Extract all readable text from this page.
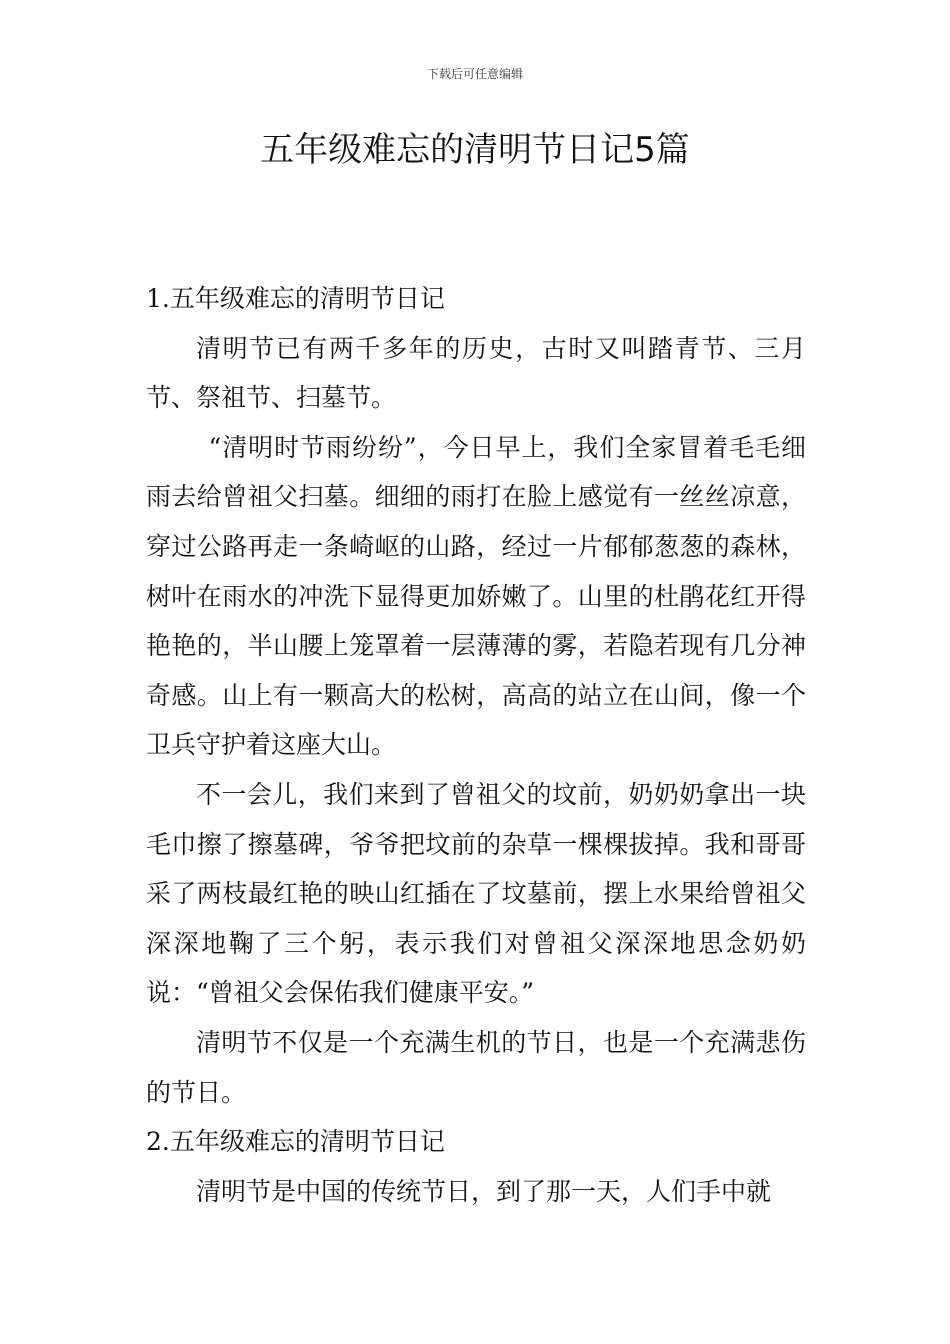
下载后可任意编辑
五年级难忘的清明节日记5篇

1.五年级难忘的清明节日记

清明节已有两千多年的历史，古时又叫踏青节、三月节、祭祖节、扫墓节。

“清明时节雨纷纷”，今日早上，我们全家冒着毛毛细雨去给曾祖父扫墓。细细的雨打在脸上感觉有一丝丝凉意，穿过公路再走一条崎岖的山路，经过一片郁郁葱葱的森林，树叶在雨水的冲洗下显得更加娇嫩了。山里的杜鹃花红开得艳艳的，半山腰上笼罩着一层薄薄的雾，若隐若现有几分神奇感。山上有一颗高大的松树，高高的站立在山间，像一个卫兵守护着这座大山。

不一会儿，我们来到了曾祖父的坟前，奶奶奶拿出一块毛巾擦了擦墓碑，爷爷把坟前的杂草一棵棵拔掉。我和哥哥采了两枝最红艳的映山红插在了坟墓前，摆上水果给曾祖父深深地鞠了三个躬，表示我们对曾祖父深深地思念奶奶说：“曾祖父会保佑我们健康平安。”

清明节不仅是一个充满生机的节日，也是一个充满悲伤的节日。

2.五年级难忘的清明节日记

清明节是中国的传统节日，到了那一天，人们手中就
